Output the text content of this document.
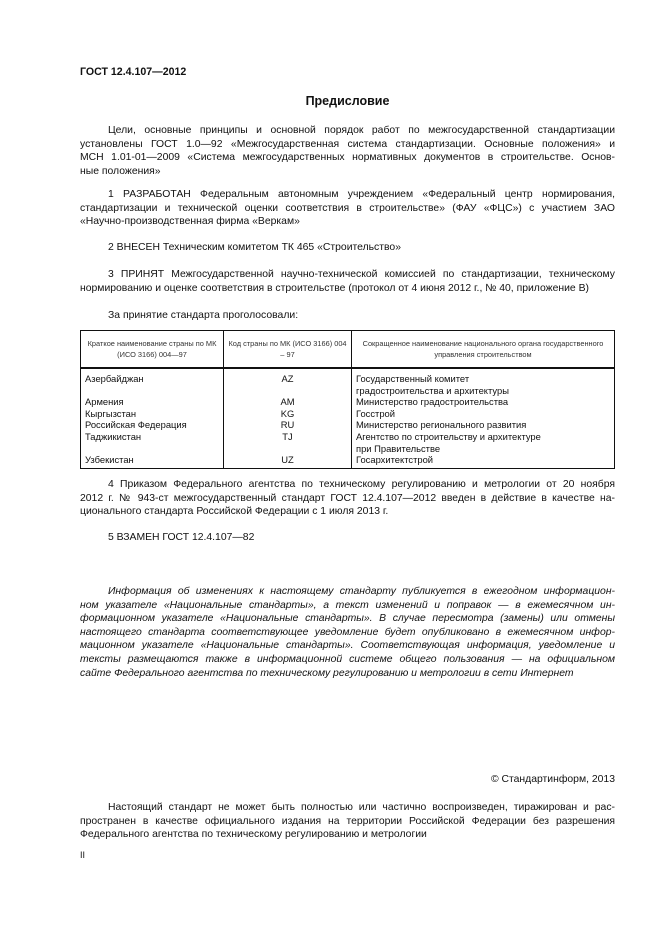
ГОСТ 12.4.107—2012
Предисловие
Цели, основные принципы и основной порядок работ по межгосударственной стандартизации
установлены ГОСТ 1.0—92 «Межгосударственная система стандартизации. Основные положения» и
МСН 1.01-01—2009 «Система межгосударственных нормативных документов в строительстве. Основ-
ные положения»
1 РАЗРАБОТАН Федеральным автономным учреждением «Федеральный центр нормирования,
стандартизации и технической оценки соответствия в строительстве» (ФАУ «ФЦС») с участием ЗАО
«Научно-производственная фирма «Веркам»
2 ВНЕСЕН Техническим комитетом ТК 465 «Строительство»
3 ПРИНЯТ Межгосударственной научно-технической комиссией по стандартизации, техническому
нормированию и оценке соответствия в строительстве (протокол от 4 июня 2012 г., № 40, приложение В)
За принятие стандарта проголосовали:
Краткое наименование страны по МК (ИСО 3166) 004—97	Код страны по МК (ИСО 3166) 004 – 97	Сокращенное наименование национального органа государственного управления строительством
Азербайджан	AZ	Государственный комитет градостроительства и архитектуры
Армения	AM	Министерство градостроительства
Кыргызстан	KG	Госстрой
Российская Федерация	RU	Министерство регионального развития
Таджикистан	TJ	Агентство по строительству и архитектуре при Правительстве
Узбекистан	UZ	Госархитектстрой
4 Приказом Федерального агентства по техническому регулированию и метрологии от 20 ноября
2012 г. № 943-ст межгосударственный стандарт ГОСТ 12.4.107—2012 введен в действие в качестве на-
ционального стандарта Российской Федерации с 1 июля 2013 г.
5 ВЗАМЕН ГОСТ 12.4.107—82
Информация об изменениях к настоящему стандарту публикуется в ежегодном информацион-
ном указателе «Национальные стандарты», а текст изменений и поправок — в ежемесячном ин-
формационном указателе «Национальные стандарты». В случае пересмотра (замены) или отмены
настоящего стандарта соответствующее уведомление будет опубликовано в ежемесячном инфор-
мационном указателе «Национальные стандарты». Соответствующая информация, уведомление и
тексты размещаются также в информационной системе общего пользования — на официальном
сайте Федерального агентства по техническому регулированию и метрологии в сети Интернет
© Стандартинформ, 2013
Настоящий стандарт не может быть полностью или частично воспроизведен, тиражирован и рас-
пространен в качестве официального издания на территории Российской Федерации без разрешения
Федерального агентства по техническому регулированию и метрологии
II
